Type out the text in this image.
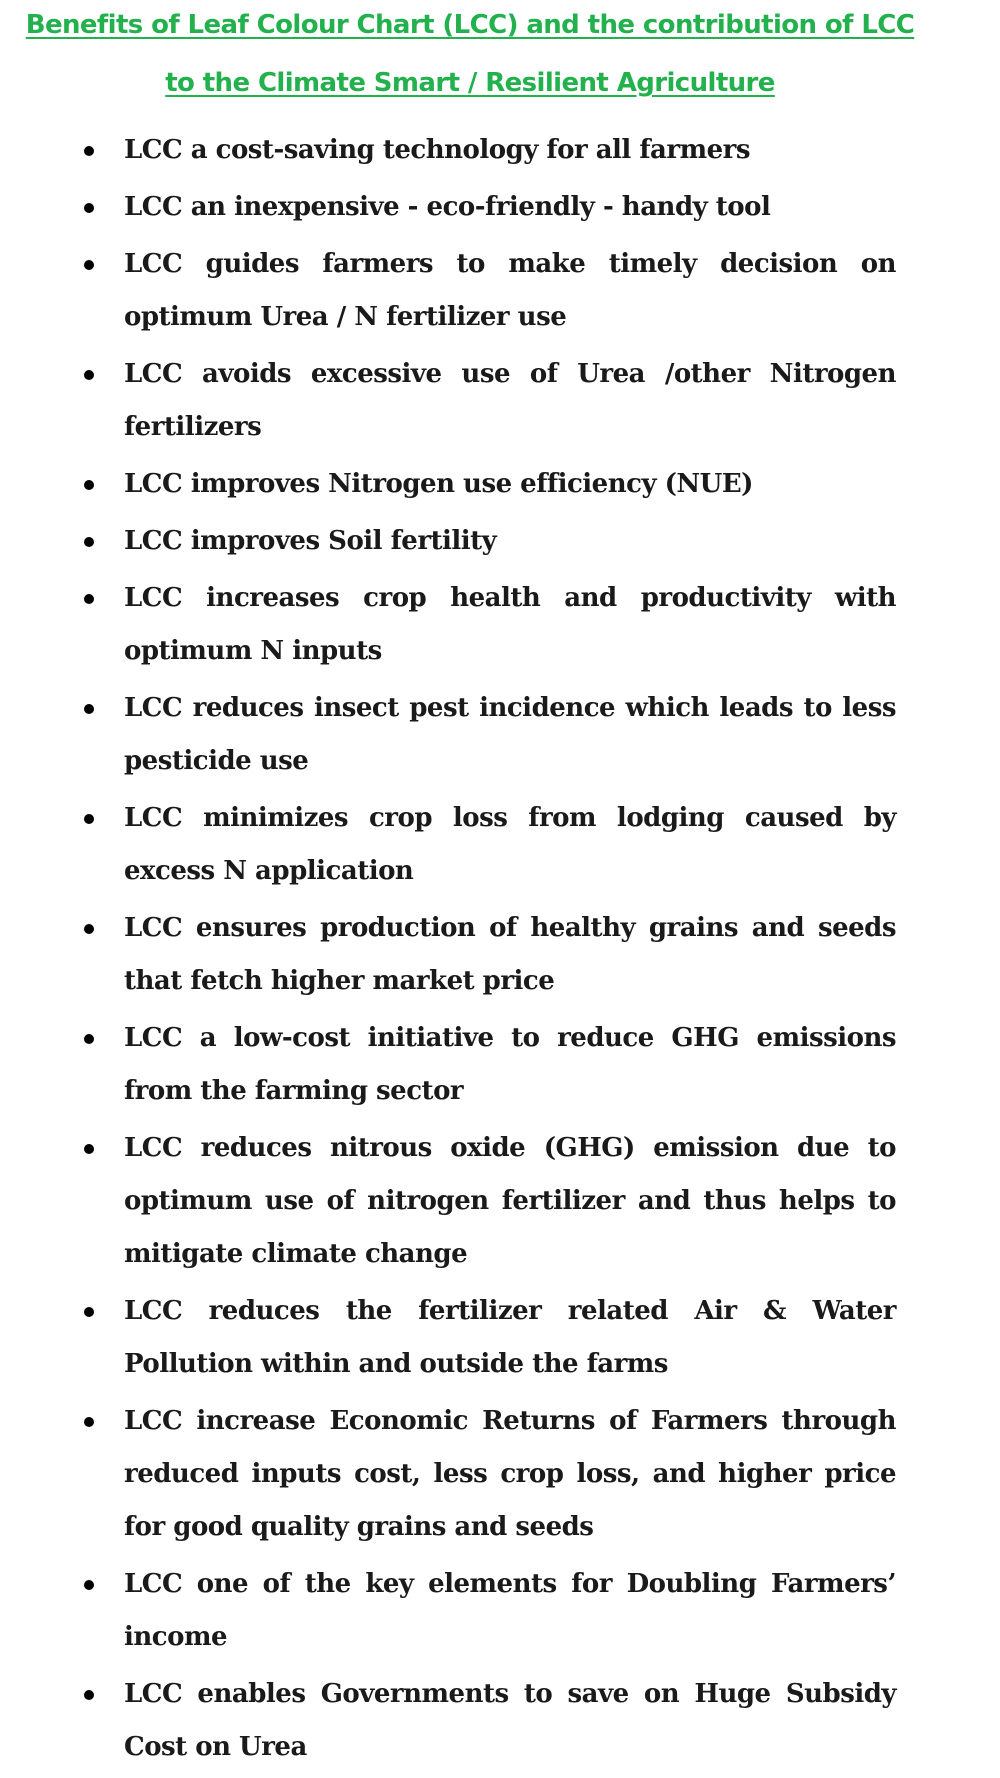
Benefits of Leaf Colour Chart (LCC) and the contribution of LCC
to the Climate Smart / Resilient Agriculture
LCC a cost-saving technology for all farmers
LCC an inexpensive - eco-friendly - handy tool
LCC guides farmers to make timely decision on optimum Urea / N fertilizer use
LCC avoids excessive use of Urea /other Nitrogen fertilizers
LCC improves Nitrogen use efficiency (NUE)
LCC improves Soil fertility
LCC increases crop health and productivity with optimum N inputs
LCC reduces insect pest incidence which leads to less pesticide use
LCC minimizes crop loss from lodging caused by excess N application
LCC ensures production of healthy grains and seeds that fetch higher market price
LCC a low-cost initiative to reduce GHG emissions from the farming sector
LCC reduces nitrous oxide (GHG) emission due to optimum use of nitrogen fertilizer and thus helps to mitigate climate change
LCC reduces the fertilizer related Air & Water Pollution within and outside the farms
LCC increase Economic Returns of Farmers through reduced inputs cost, less crop loss, and higher price for good quality grains and seeds
LCC one of the key elements for Doubling Farmers’ income
LCC enables Governments to save on Huge Subsidy Cost on Urea
